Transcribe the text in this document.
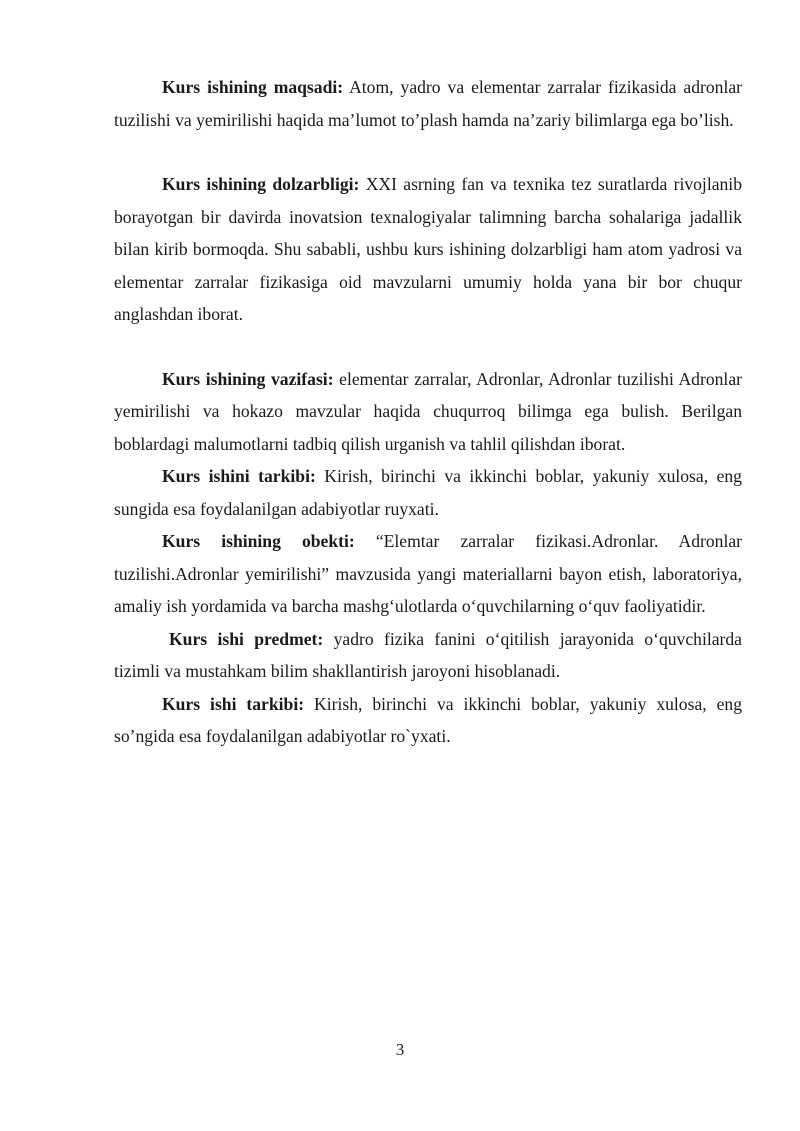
Kurs ishining maqsadi: Atom, yadro va elementar zarralar fizikasida adronlar tuzilishi va yemirilishi haqida ma’lumot to’plash hamda na’zariy bilimlarga ega bo’lish.

Kurs ishining dolzarbligi: XXI asrning fan va texnika tez suratlarda rivojlanib borayotgan bir davirda inovatsion texnalogiyalar talimning barcha sohalariga jadallik bilan kirib bormoqda. Shu sababli, ushbu kurs ishining dolzarbligi ham atom yadrosi va elementar zarralar fizikasiga oid mavzularni umumiy holda yana bir bor chuqur anglashdan iborat.

Kurs ishining vazifasi: elementar zarralar, Adronlar, Adronlar tuzilishi Adronlar yemirilishi va hokazo mavzular haqida chuqurroq bilimga ega bulish. Berilgan boblardagi malumotlarni tadbiq qilish urganish va tahlil qilishdan iborat.

Kurs ishini tarkibi: Kirish, birinchi va ikkinchi boblar, yakuniy xulosa, eng sungida esa foydalanilgan adabiyotlar ruyxati.

Kurs ishining obekti: “Elemtar zarralar fizikasi.Adronlar. Adronlar tuzilishi.Adronlar yemirilishi” mavzusida yangi materiallarni bayon etish, laboratoriya, amaliy ish yordamida va barcha mashg‘ulotlarda o‘quvchilarning o‘quv faoliyatidir.

Kurs ishi predmet: yadro fizika fanini o‘qitilish jarayonida o‘quvchilarda tizimli va mustahkam bilim shakllantirish jaroyoni hisoblanadi.

Kurs ishi tarkibi: Kirish, birinchi va ikkinchi boblar, yakuniy xulosa, eng so’ngida esa foydalanilgan adabiyotlar ro`yxati.

3
